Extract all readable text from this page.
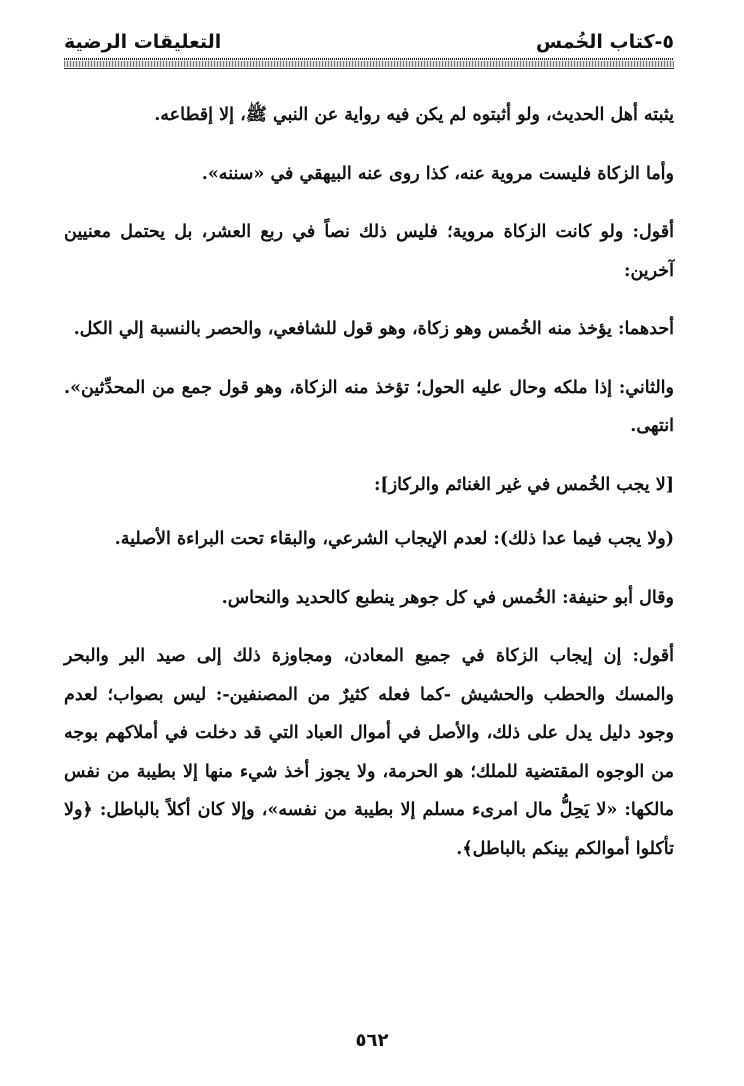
٥-كتاب الخُمس
التعليقات الرضية

يثبته أهل الحديث، ولو أثبتوه لم يكن فيه رواية عن النبي ﷺ، إلا إقطاعه.

وأما الزكاة فليست مروية عنه، كذا روى عنه البيهقي في «سننه».

أقول: ولو كانت الزكاة مروية؛ فليس ذلك نصاً في ربع العشر، بل يحتمل معنيين آخرين:

أحدهما: يؤخذ منه الخُمس وهو زكاة، وهو قول للشافعي، والحصر بالنسبة إلي الكل.

والثاني: إذا ملكه وحال عليه الحول؛ تؤخذ منه الزكاة، وهو قول جمع من المحدِّثين». انتهى.

[لا يجب الخُمس في غير الغنائم والركاز]:

(ولا يجب فيما عدا ذلك): لعدم الإيجاب الشرعي، والبقاء تحت البراءة الأصلية.

وقال أبو حنيفة: الخُمس في كل جوهر ينطبع كالحديد والنحاس.

أقول: إن إيجاب الزكاة في جميع المعادن، ومجاوزة ذلك إلى صيد البر والبحر والمسك والحطب والحشيش -كما فعله كثيرٌ من المصنفين-: ليس بصواب؛ لعدم وجود دليل يدل على ذلك، والأصل في أموال العباد التي قد دخلت في أملاكهم بوجه من الوجوه المقتضية للملك؛ هو الحرمة، ولا يجوز أخذ شيء منها إلا بطيبة من نفس مالكها: «لا يَحِلُّ مال امرىء مسلم إلا بطيبة من نفسه»، وإلا كان أكلاً بالباطل: ﴿ولا تأكلوا أموالكم بينكم بالباطل﴾.

٥٦٢
